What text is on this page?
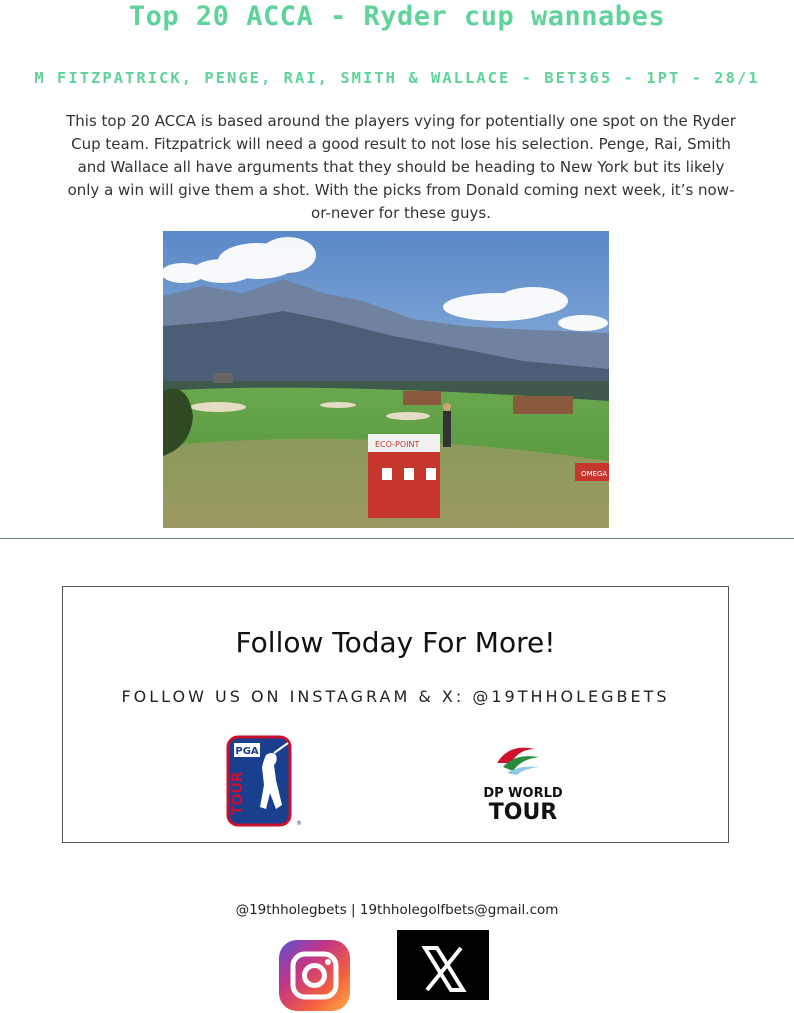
Top 20 ACCA - Ryder cup wannabes
M FITZPATRICK, PENGE, RAI, SMITH & WALLACE - BET365 - 1PT - 28/1
This top 20 ACCA is based around the players vying for potentially one spot on the Ryder Cup team. Fitzpatrick will need a good result to not lose his selection. Penge, Rai, Smith and Wallace all have arguments that they should be heading to New York but its likely only a win will give them a shot. With the picks from Donald coming next week, it’s now-or-never for these guys.
ECO-POINT
OMEGA
Follow Today For More!
FOLLOW US ON INSTAGRAM & X: @19THHOLEGBETS
PGA
TOUR
®
DP WORLD
TOUR
@19thholegbets | 19thholegolfbets@gmail.com
